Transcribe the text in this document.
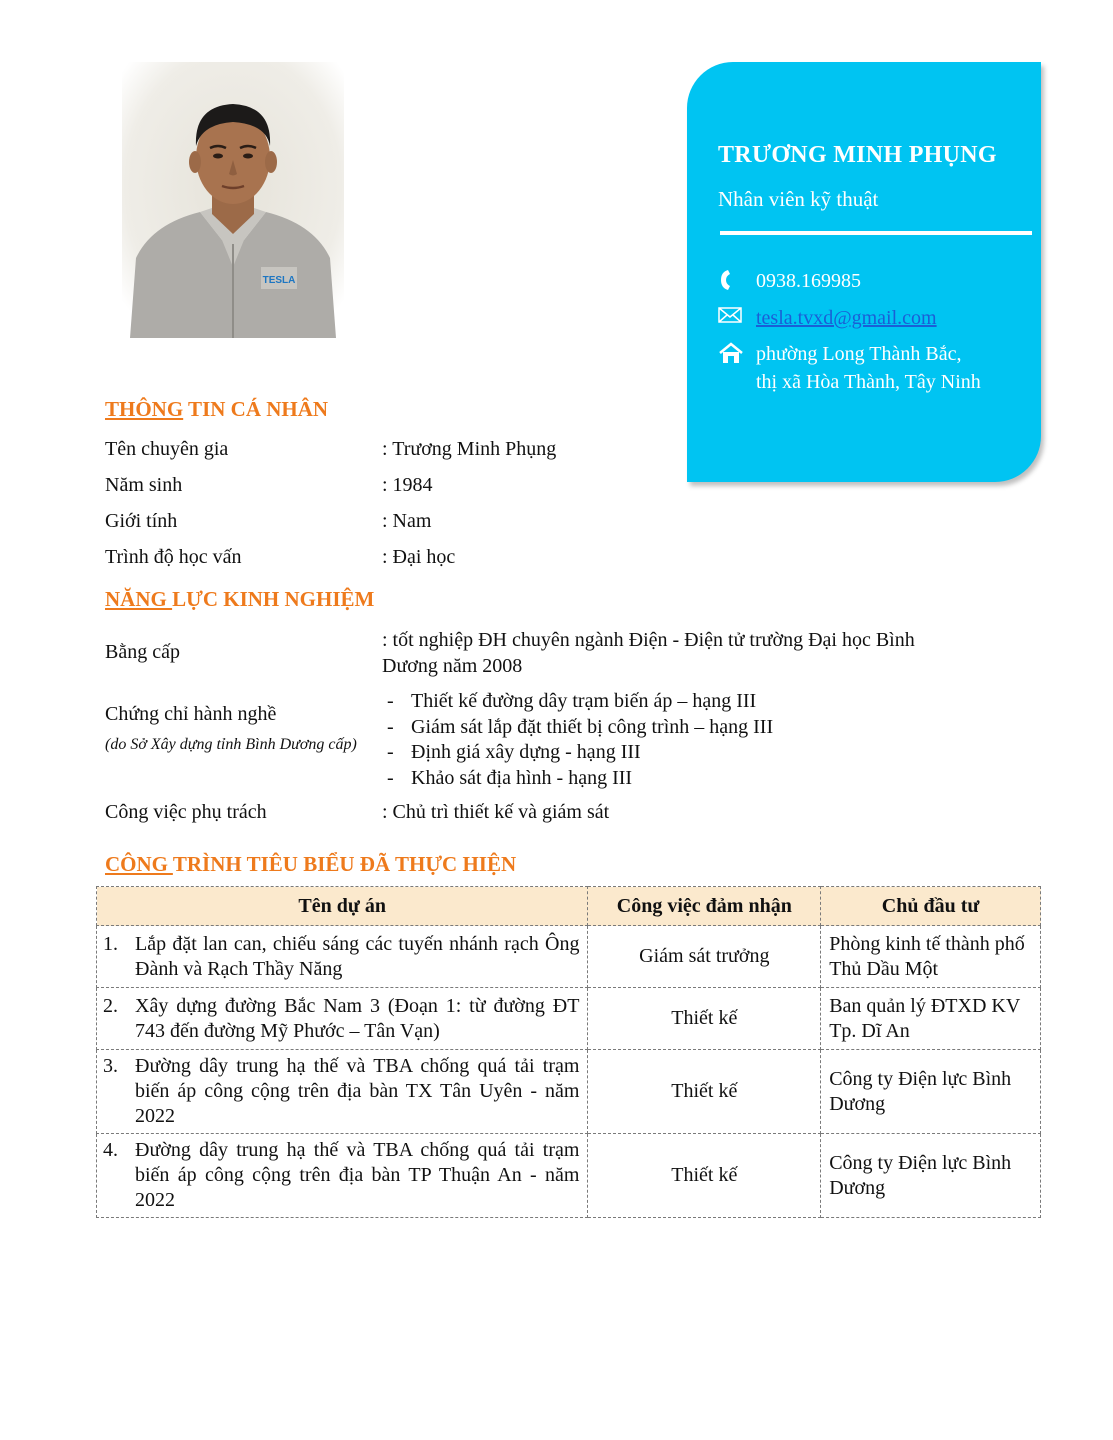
TESLA
TRƯƠNG MINH PHỤNG
Nhân viên kỹ thuật
0938.169985
tesla.tvxd@gmail.com
phường Long Thành Bắc,
thị xã Hòa Thành, Tây Ninh
THÔNG TIN CÁ NHÂN
Tên chuyên gia	: Trương Minh Phụng
Năm sinh	: 1984
Giới tính	: Nam
Trình độ học vấn	: Đại học
NĂNG LỰC KINH NGHIỆM
Bằng cấp
: tốt nghiệp ĐH chuyên ngành Điện - Điện tử trường Đại học Bình
Dương năm 2008
Chứng chỉ hành nghề
(do Sở Xây dựng tỉnh Bình Dương cấp)
- Thiết kế đường dây trạm biến áp – hạng III
- Giám sát lắp đặt thiết bị công trình – hạng III
- Định giá xây dựng - hạng III
- Khảo sát địa hình - hạng III
Công việc phụ trách	: Chủ trì thiết kế và giám sát
CÔNG TRÌNH TIÊU BIỂU ĐÃ THỰC HIỆN
Tên dự án	Công việc đảm nhận	Chủ đầu tư

1. Lắp đặt lan can, chiếu sáng các tuyến nhánh rạch Ông Đành và Rạch Thầy Năng	Giám sát trưởng	Phòng kinh tế thành phố Thủ Dầu Một

2. Xây dựng đường Bắc Nam 3 (Đoạn 1: từ đường ĐT 743 đến đường Mỹ Phước – Tân Vạn)	Thiết kế	Ban quản lý ĐTXD KV Tp. Dĩ An

3. Đường dây trung hạ thế và TBA chống quá tải trạm biến áp công cộng trên địa bàn TX Tân Uyên - năm 2022	Thiết kế	Công ty Điện lực Bình Dương

4. Đường dây trung hạ thế và TBA chống quá tải trạm biến áp công cộng trên địa bàn TP Thuận An - năm 2022	Thiết kế	Công ty Điện lực Bình Dương
